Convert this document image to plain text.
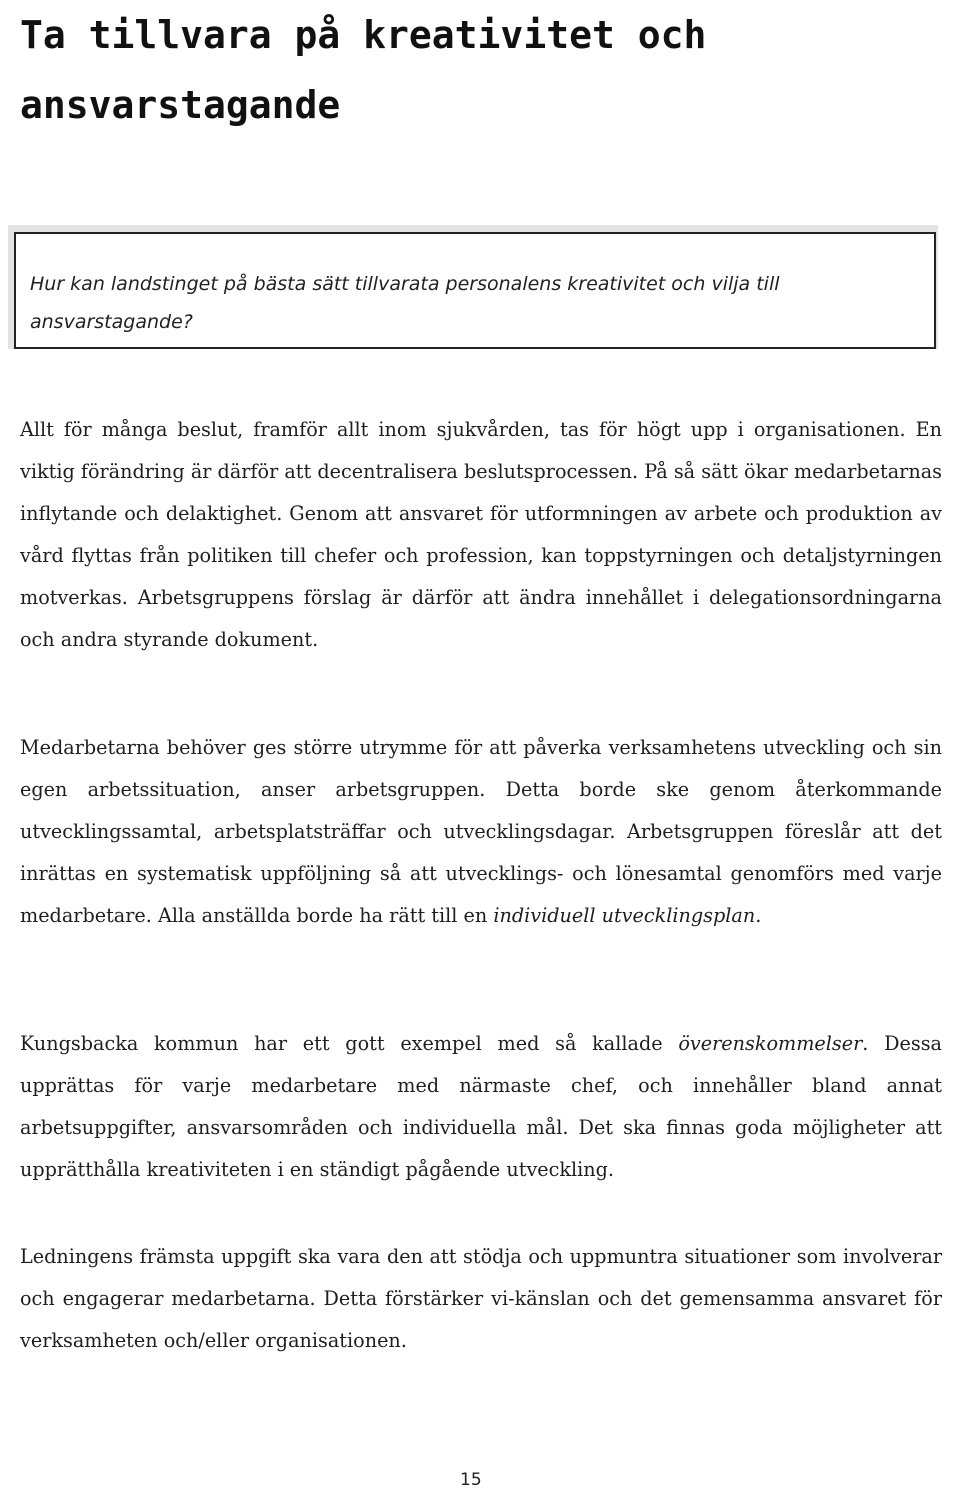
Ta tillvara på kreativitet och ansvarstagande

Hur kan landstinget på bästa sätt tillvarata personalens kreativitet och vilja till ansvarstagande?

Allt för många beslut, framför allt inom sjukvården, tas för högt upp i organisationen. En viktig förändring är därför att decentralisera beslutsprocessen. På så sätt ökar medarbetarnas inflytande och delaktighet. Genom att ansvaret för utformningen av arbete och produktion av vård flyttas från politiken till chefer och profession, kan toppstyrningen och detaljstyrningen motverkas. Arbetsgruppens förslag är därför att ändra innehållet i delegationsordningarna och andra styrande dokument.

Medarbetarna behöver ges större utrymme för att påverka verksamhetens utveckling och sin egen arbetssituation, anser arbetsgruppen. Detta borde ske genom återkommande utvecklingssamtal, arbetsplatsträffar och utvecklingsdagar. Arbetsgruppen föreslår att det inrättas en systematisk uppföljning så att utvecklings- och lönesamtal genomförs med varje medarbetare. Alla anställda borde ha rätt till en individuell utvecklingsplan.

Kungsbacka kommun har ett gott exempel med så kallade överenskommelser. Dessa upprättas för varje medarbetare med närmaste chef, och innehåller bland annat arbetsuppgifter, ansvarsområden och individuella mål. Det ska finnas goda möjligheter att upprätthålla kreativiteten i en ständigt pågående utveckling.

Ledningens främsta uppgift ska vara den att stödja och uppmuntra situationer som involverar och engagerar medarbetarna. Detta förstärker vi-känslan och det gemensamma ansvaret för verksamheten och/eller organisationen.

15
